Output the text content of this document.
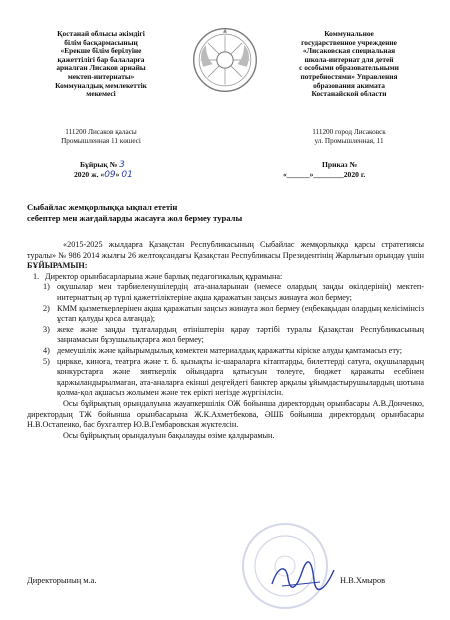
Қостанай облысы әкімдігі
білім басқармасының
«Ерекше білім берілуіне
қажеттілігі бар балаларға
арналған Лисаков арнайы
мектеп-интернаты»
Коммуналдық мемлекеттік
мекемесі
Коммунальное
государственное учреждение
«Лисаковская специальная
школа-интернат для детей
с особыми образовательными
потребностями» Управления
образования акимата
Костанайской области
111200 Лисаков қаласы
Промышленная 11 көшесі
111200 город Лисаковск
ул. Промышленная, 11
Бұйрық № 3
2020 ж. «09» 01
Приказ №
«______»________2020 г.
Сыбайлас жемқорлыққа ықпал ететін
себептер мен жағдайларды жасауға жол бермеу туралы

«2015-2025 жылдарға Қазақстан Республикасының Сыбайлас жемқорлыққа қарсы стратегиясы туралы» № 986 2014 жылғы 26 желтоқсандағы Қазақстан Республикасы Президентінің Жарлығын орындау үшін БҰЙЫРАМЫН:

1. Директор орынбасарларына және барлық педагогикалық құрамына:
1) оқушылар мен тәрбиеленушілердің ата-аналарынан (немесе олардың заңды өкілдерінің) мектеп-интернаттың әр түрлі қажеттіліктеріне ақша қаражатын заңсыз жинауға жол бермеу;
2) КММ қызметкерлерінен ақша қаражатын заңсыз жинауға жол бермеу (еңбекақыдан олардың келісімінсіз ұстап қалуды қоса алғанда);
3) жеке және заңды тұлғалардың өтініштерін қарау тәртібі туралы Қазақстан Республикасының заңнамасын бұзушылықтарға жол бермеу;
4) демеушілік және қайырымдылық көмектен материалдық қаражатты кірiске алуды қамтамасыз ету;
5) циркке, киноға, театрға және т. б. қызықты іс-шараларға кітаптарды, билеттерді сатуға, оқушылардың конкурстарға және зияткерлік ойындарға қатысуын төлеуге, бюджет қаражаты есебінен қаржыландырылмаған, ата-аналарға екінші деңгейдегі банктер арқылы ұйымдастырушылардың шотына қолма-қол ақшасыз жолымен және тек ерікті негізде жүргізілсін.

Осы бұйрықтың орындалуына жауапкершілік ОЖ бойынша директордың орынбасары А.В.Донченко, директордың ТЖ бойынша орынбасарына Ж.К.Ахметбекова, ӘШБ бойынша директордың орынбасары Н.В.Остапенко, бас бухгалтер Ю.В.Гембаровская жүктелсін.

Осы бұйрықтың орындалуын бақылауды өзіме қалдырамын.

Директорының м.а.	Н.В.Хмыров
